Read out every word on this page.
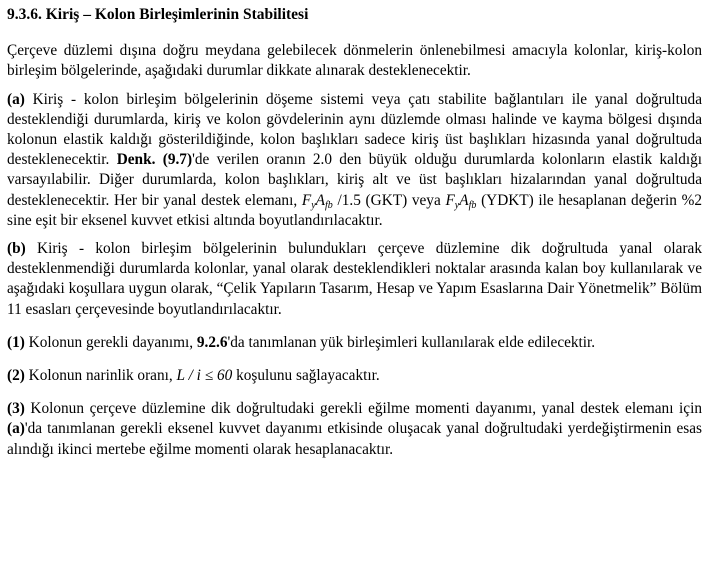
9.3.6. Kiriş – Kolon Birleşimlerinin Stabilitesi

Çerçeve düzlemi dışına doğru meydana gelebilecek dönmelerin önlenebilmesi amacıyla kolonlar, kiriş-kolon birleşim bölgelerinde, aşağıdaki durumlar dikkate alınarak desteklenecektir.

(a) Kiriş - kolon birleşim bölgelerinin döşeme sistemi veya çatı stabilite bağlantıları ile yanal doğrultuda desteklendiği durumlarda, kiriş ve kolon gövdelerinin aynı düzlemde olması halinde ve kayma bölgesi dışında kolonun elastik kaldığı gösterildiğinde, kolon başlıkları sadece kiriş üst başlıkları hizasında yanal doğrultuda desteklenecektir. Denk. (9.7)'de verilen oranın 2.0 den büyük olduğu durumlarda kolonların elastik kaldığı varsayılabilir. Diğer durumlarda, kolon başlıkları, kiriş alt ve üst başlıkları hizalarından yanal doğrultuda desteklenecektir. Her bir yanal destek elemanı, $F_yA_{fb}$ /1.5 (GKT) veya $F_yA_{fb}$ (YDKT) ile hesaplanan değerin %2 sine eşit bir eksenel kuvvet etkisi altında boyutlandırılacaktır.

(b) Kiriş - kolon birleşim bölgelerinin bulundukları çerçeve düzlemine dik doğrultuda yanal olarak desteklenmendiği durumlarda kolonlar, yanal olarak desteklendikleri noktalar arasında kalan boy kullanılarak ve aşağıdaki koşullara uygun olarak, “Çelik Yapıların Tasarım, Hesap ve Yapım Esaslarına Dair Yönetmelik” Bölüm 11 esasları çerçevesinde boyutlandırılacaktır.

(1) Kolonun gerekli dayanımı, 9.2.6'da tanımlanan yük birleşimleri kullanılarak elde edilecektir.

(2) Kolonun narinlik oranı, L / i ≤ 60 koşulunu sağlayacaktır.

(3) Kolonun çerçeve düzlemine dik doğrultudaki gerekli eğilme momenti dayanımı, yanal destek elemanı için (a)'da tanımlanan gerekli eksenel kuvvet dayanımı etkisinde oluşacak yanal doğrultudaki yerdeğiştirmenin esas alındığı ikinci mertebe eğilme momenti olarak hesaplanacaktır.
